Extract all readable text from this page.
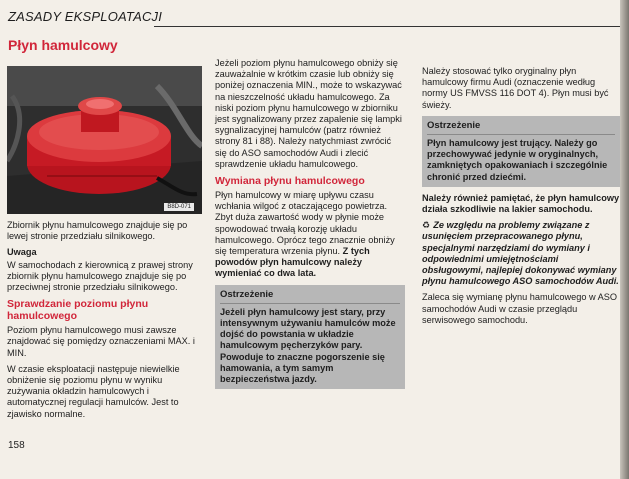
ZASADY EKSPLOATACJI
Płyn hamulcowy
B8D-071

Zbiornik płynu hamulcowego znajduje się po lewej stronie przedziału silnikowego.

Uwaga

W samochodach z kierownicą z prawej strony zbiornik płynu hamulcowego znajduje się po przeciwnej stronie przedziału silnikowego.

Sprawdzanie poziomu płynu hamulcowego

Poziom płynu hamulcowego musi zawsze znajdować się pomiędzy oznaczeniami MAX. i MIN.

W czasie eksploatacji następuje niewielkie obniżenie się poziomu płynu w wyniku zużywania okładzin hamulcowych i automatycznej regulacji hamulców. Jest to zjawisko normalne.

Jeżeli poziom płynu hamulcowego obniży się zauważalnie w krótkim czasie lub obniży się poniżej oznaczenia MIN., może to wskazywać na nieszczelność układu hamulcowego. Za niski poziom płynu hamulcowego w zbiorniku jest sygnalizowany przez zapalenie się lampki sygnalizacyjnej hamulców (patrz również strony 81 i 88). Należy natychmiast zwrócić się do ASO samochodów Audi i zlecić sprawdzenie układu hamulcowego.

Wymiana płynu hamulcowego

Płyn hamulcowy w miarę upływu czasu wchłania wilgoć z otaczającego powietrza. Zbyt duża zawartość wody w płynie może spowodować trwałą korozję układu hamulcowego. Oprócz tego znacznie obniży się temperatura wrzenia płynu. Z tych powodów płyn hamulcowy należy wymieniać co dwa lata.

Ostrzeżenie
Jeżeli płyn hamulcowy jest stary, przy intensywnym używaniu hamulców może dojść do powstania w układzie hamulcowym pęcherzyków pary. Powoduje to znaczne pogorszenie się hamowania, a tym samym bezpieczeństwa jazdy.

Należy stosować tylko oryginalny płyn hamulcowy firmu Audi (oznaczenie według normy US FMVSS 116 DOT 4). Płyn musi być świeży.

Ostrzeżenie
Płyn hamulcowy jest trujący. Należy go przechowywać jedynie w oryginalnych, zamkniętych opakowaniach i szczególnie chronić przed dziećmi.

Należy również pamiętać, że płyn hamulcowy działa szkodliwie na lakier samochodu.

♻ Ze względu na problemy związane z usunięciem przepracowanego płynu, specjalnymi narzędziami do wymiany i odpowiednimi umiejętnościami obsługowymi, najlepiej dokonywać wymiany płynu hamulcowego ASO samochodów Audi.

Zaleca się wymianę płynu hamulcowego w ASO samochodów Audi w czasie przeglądu serwisowego samochodu.

158
